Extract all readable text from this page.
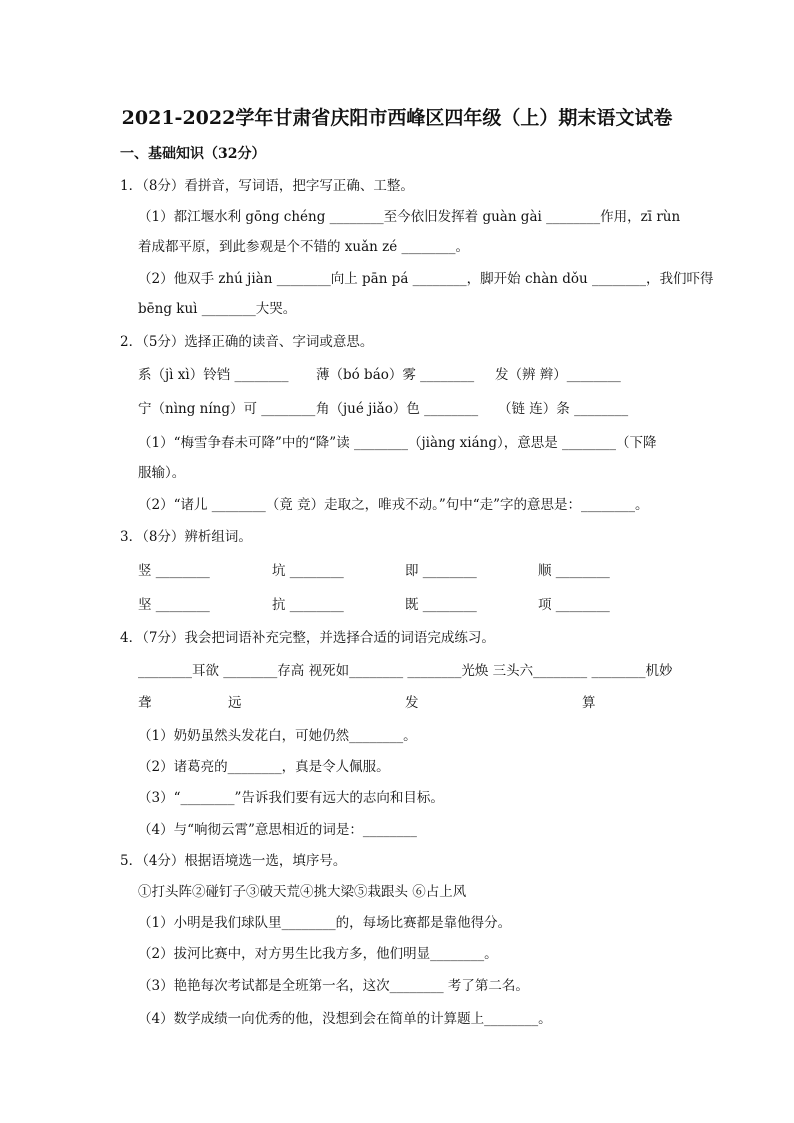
2021-2022学年甘肃省庆阳市西峰区四年级（上）期末语文试卷
一、基础知识（32分）
1．（8分）看拼音，写词语，把字写正确、工整。
（1）都江堰水利 gōng chéng ________至今依旧发挥着 guàn gài ________作用，zī rùn
着成都平原，到此参观是个不错的 xuǎn zé ________。
（2）他双手 zhú jiàn ________向上 pān pá ________，脚开始 chàn dǒu ________，我们吓得
bēng kuì ________大哭。
2．（5分）选择正确的读音、字词或意思。
系（jì xì）铃铛 ________ 薄（bó báo）雾 ________ 发（辨 辫）________
宁（nìng níng）可 ________ 角（jué jiǎo）色 ________ （链 连）条 ________
（1）“梅雪争春未可降”中的“降”读 ________（jiàng xiáng），意思是 ________（下降
服输）。
（2）“诸儿 ________（竟 竞）走取之，唯戎不动。”句中“走”字的意思是：________。
3．（8分）辨析组词。
竖 ________	坑 ________	即 ________	顺 ________
坚 ________	抗 ________	既 ________	项 ________
4．（7分）我会把词语补充完整，并选择合适的词语完成练习。
________耳欲 ________存高 视死如________ ________光焕 三头六________ ________机妙
聋	远	发	算
（1）奶奶虽然头发花白，可她仍然________。
（2）诸葛亮的________，真是令人佩服。
（3）“________”告诉我们要有远大的志向和目标。
（4）与“响彻云霄”意思相近的词是：________
5．（4分）根据语境选一选，填序号。
①打头阵②碰钉子③破天荒④挑大梁⑤栽跟头 ⑥占上风
（1）小明是我们球队里________的，每场比赛都是靠他得分。
（2）拔河比赛中，对方男生比我方多，他们明显________。
（3）艳艳每次考试都是全班第一名，这次________ 考了第二名。
（4）数学成绩一向优秀的他，没想到会在简单的计算题上________。
